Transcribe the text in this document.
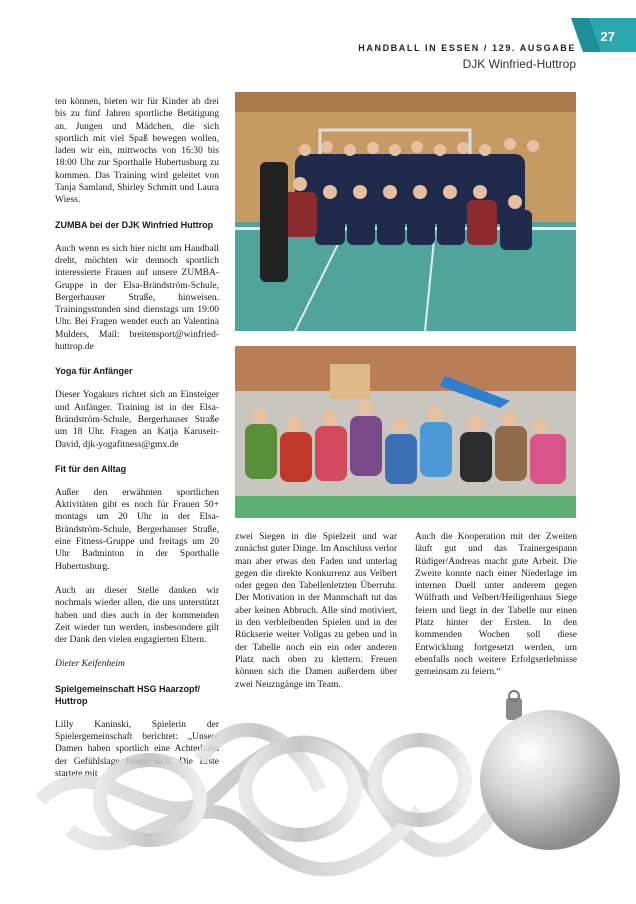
27
HANDBALL IN ESSEN / 129. AUSGABE
DJK Winfried-Huttrop

ten können, bieten wir für Kinder ab drei bis zu fünf Jahren sportliche Betätigung an. Jungen und Mädchen, die sich sportlich mit viel Spaß bewegen wollen, laden wir ein, mittwochs von 16:30 bis 18:00 Uhr zur Sporthalle Hubertusburg zu kommen. Das Training wird geleitet von Tanja Samland, Shirley Schmitt und Laura Wiess.

ZUMBA bei der DJK Winfried Huttrop

Auch wenn es sich hier nicht um Handball dreht, möchten wir dennoch sportlich interessierte Frauen auf unsere ZUMBA-Gruppe in der Elsa-Brändström-Schule, Bergerhauser Straße, hinweisen. Trainingsstunden sind dienstags um 19:00 Uhr. Bei Fragen wendet euch an Valentina Mulders, Mail: breitensport@winfried-huttrop.de

Yoga für Anfänger

Dieser Yogakurs richtet sich an Einsteiger und Anfänger. Training ist in der Elsa-Brändström-Schule, Bergerhauser Straße um 18 Uhr. Fragen an Katja Karuseit-David, djk-yogafitness@gmx.de

Fit für den Alltag

Außer den erwähnten sportlichen Aktivitäten gibt es noch für Frauen 50+ montags um 20 Uhr in der Elsa-Brändström-Schule, Bergerhauser Straße, eine Fitness-Gruppe und freitags um 20 Uhr Badminton in der Sporthalle Hubertusburg.

Auch an dieser Stelle danken wir nochmals wieder allen, die uns unterstützt haben und dies auch in der kommenden Zeit wieder tun werden, insbesondere gilt der Dank den vielen engagierten Eltern.

Dieter Keifenheim

Spielgemeinschaft HSG Haarzopf/ Huttrop

Lilly Kaninski, Spielerin der Spielergemeinschaft berichtet: „Unsere Damen haben sportlich eine Achterbahn der Gefühlslage hinter sich. Die Erste startete mit

zwei Siegen in die Spielzeit und war zunächst guter Dinge. Im Anschluss verlor man aber etwas den Faden und unterlag gegen die direkte Konkurrenz aus Velbert oder gegen den Tabellenletzten Überruhr. Der Motivation in der Mannschaft tut das aber keinen Abbruch. Alle sind motiviert, in den verbleibenden Spielen und in der Rückserie weiter Vollgas zu geben und in der Tabelle noch ein ein oder anderen Platz nach oben zu klettern. Freuen können sich die Damen außerdem über zwei Neuzugänge im Team.

Auch die Kooperation mit der Zweiten läuft gut und das Trainergespann Rüdiger/Andreas macht gute Arbeit. Die Zweite konnte nach einer Niederlage im internen Duell unter anderem gegen Wülfrath und Velbert/Heiligenhaus Siege feiern und liegt in der Tabelle nur einen Platz hinter der Ersten. In den kommenden Wochen soll diese Entwicklung fortgesetzt werden, um ebenfalls noch weitere Erfolgserlebnisse gemeinsam zu feiern.“
